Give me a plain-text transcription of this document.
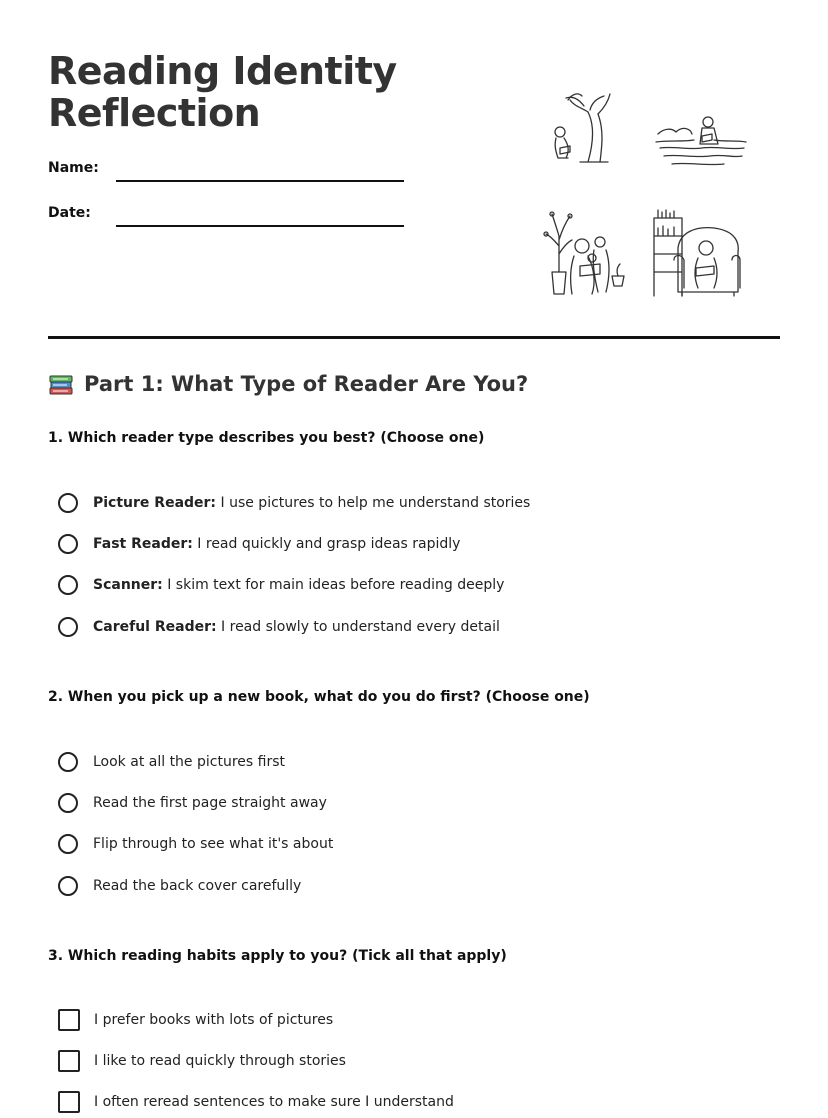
Reading Identity Reflection
Name:
Date:
Part 1: What Type of Reader Are You?
1. Which reader type describes you best? (Choose one)
Picture Reader: I use pictures to help me understand stories
Fast Reader: I read quickly and grasp ideas rapidly
Scanner: I skim text for main ideas before reading deeply
Careful Reader: I read slowly to understand every detail
2. When you pick up a new book, what do you do first? (Choose one)
Look at all the pictures first
Read the first page straight away
Flip through to see what it's about
Read the back cover carefully
3. Which reading habits apply to you? (Tick all that apply)
I prefer books with lots of pictures
I like to read quickly through stories
I often reread sentences to make sure I understand
